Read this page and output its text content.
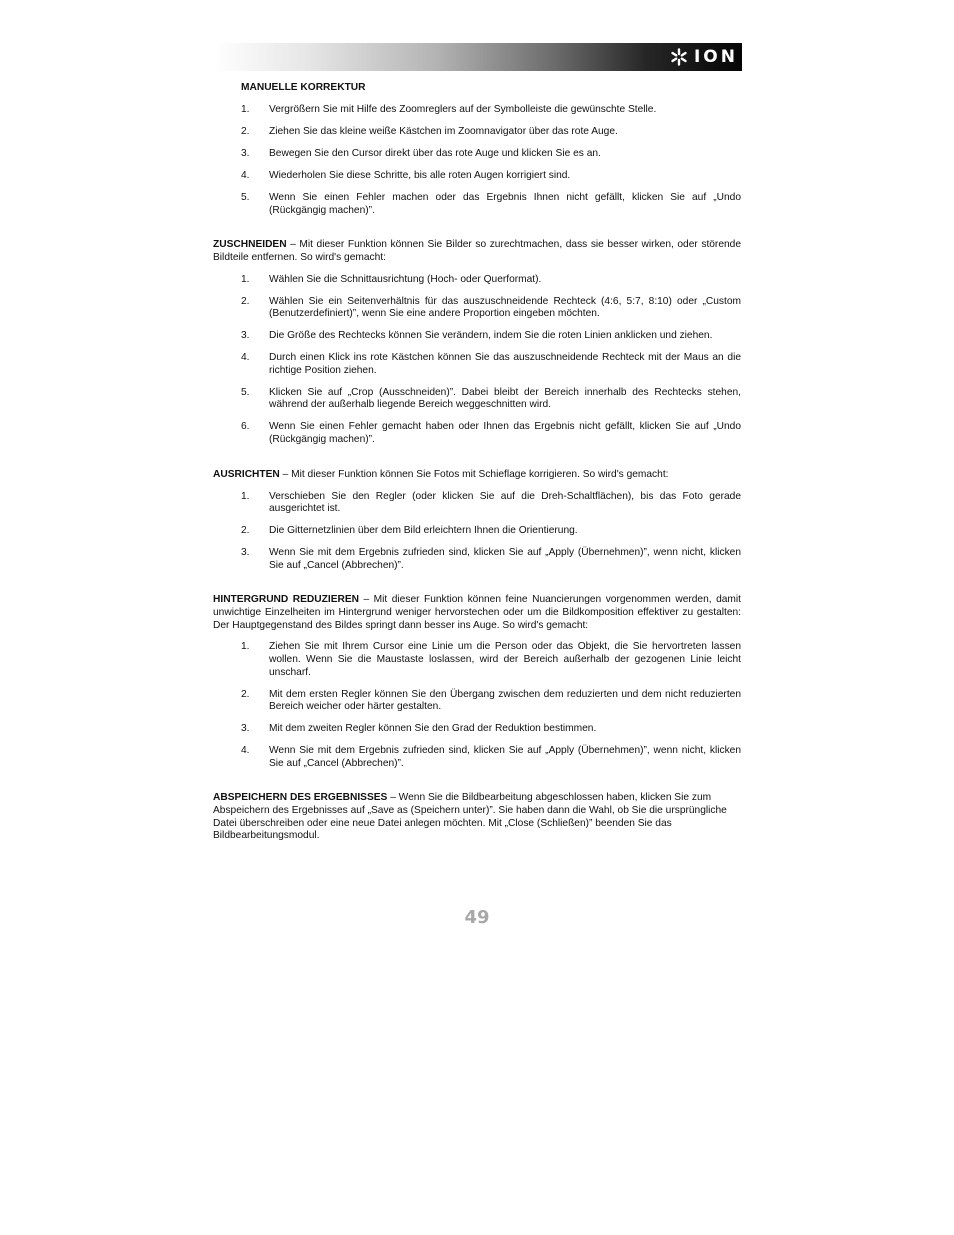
ION

MANUELLE KORREKTUR

1.	Vergrößern Sie mit Hilfe des Zoomreglers auf der Symbolleiste die gewünschte Stelle.
2.	Ziehen Sie das kleine weiße Kästchen im Zoomnavigator über das rote Auge.
3.	Bewegen Sie den Cursor direkt über das rote Auge und klicken Sie es an.
4.	Wiederholen Sie diese Schritte, bis alle roten Augen korrigiert sind.
5.	Wenn Sie einen Fehler machen oder das Ergebnis Ihnen nicht gefällt, klicken Sie auf „Undo (Rückgängig machen)”.

ZUSCHNEIDEN – Mit dieser Funktion können Sie Bilder so zurechtmachen, dass sie besser wirken, oder störende Bildteile entfernen. So wird's gemacht:

1.	Wählen Sie die Schnittausrichtung (Hoch- oder Querformat).
2.	Wählen Sie ein Seitenverhältnis für das auszuschneidende Rechteck (4:6, 5:7, 8:10) oder „Custom (Benutzerdefiniert)”, wenn Sie eine andere Proportion eingeben möchten.
3.	Die Größe des Rechtecks können Sie verändern, indem Sie die roten Linien anklicken und ziehen.
4.	Durch einen Klick ins rote Kästchen können Sie das auszuschneidende Rechteck mit der Maus an die richtige Position ziehen.
5.	Klicken Sie auf „Crop (Ausschneiden)”. Dabei bleibt der Bereich innerhalb des Rechtecks stehen, während der außerhalb liegende Bereich weggeschnitten wird.
6.	Wenn Sie einen Fehler gemacht haben oder Ihnen das Ergebnis nicht gefällt, klicken Sie auf „Undo (Rückgängig machen)”.

AUSRICHTEN – Mit dieser Funktion können Sie Fotos mit Schieflage korrigieren. So wird's gemacht:

1.	Verschieben Sie den Regler (oder klicken Sie auf die Dreh-Schaltflächen), bis das Foto gerade ausgerichtet ist.
2.	Die Gitternetzlinien über dem Bild erleichtern Ihnen die Orientierung.
3.	Wenn Sie mit dem Ergebnis zufrieden sind, klicken Sie auf „Apply (Übernehmen)”, wenn nicht, klicken Sie auf „Cancel (Abbrechen)”.

HINTERGRUND REDUZIEREN – Mit dieser Funktion können feine Nuancierungen vorgenommen werden, damit unwichtige Einzelheiten im Hintergrund weniger hervorstechen oder um die Bildkomposition effektiver zu gestalten: Der Hauptgegenstand des Bildes springt dann besser ins Auge. So wird's gemacht:

1.	Ziehen Sie mit Ihrem Cursor eine Linie um die Person oder das Objekt, die Sie hervortreten lassen wollen. Wenn Sie die Maustaste loslassen, wird der Bereich außerhalb der gezogenen Linie leicht unscharf.
2.	Mit dem ersten Regler können Sie den Übergang zwischen dem reduzierten und dem nicht reduzierten Bereich weicher oder härter gestalten.
3.	Mit dem zweiten Regler können Sie den Grad der Reduktion bestimmen.
4.	Wenn Sie mit dem Ergebnis zufrieden sind, klicken Sie auf „Apply (Übernehmen)”, wenn nicht, klicken Sie auf „Cancel (Abbrechen)”.

ABSPEICHERN DES ERGEBNISSES – Wenn Sie die Bildbearbeitung abgeschlossen haben, klicken Sie zum Abspeichern des Ergebnisses auf „Save as (Speichern unter)”. Sie haben dann die Wahl, ob Sie die ursprüngliche Datei überschreiben oder eine neue Datei anlegen möchten. Mit „Close (Schließen)” beenden Sie das Bildbearbeitungsmodul.

49
